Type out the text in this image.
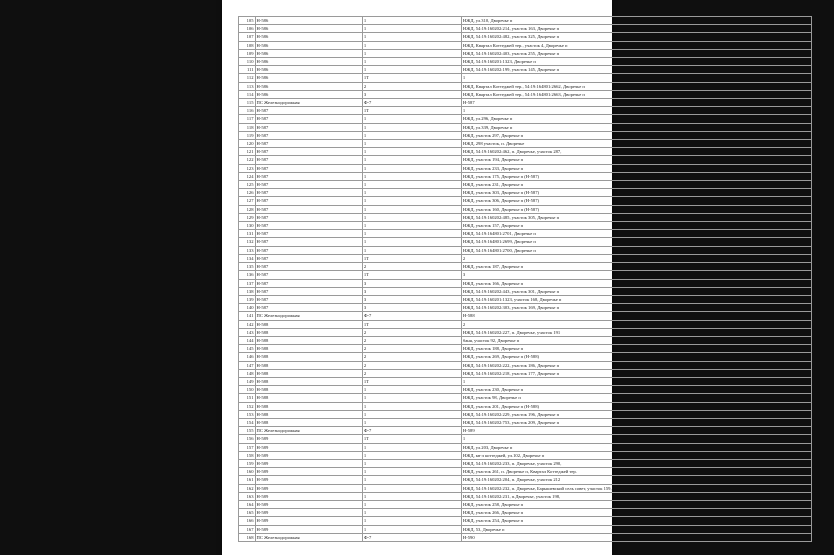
105	Н-586	1	НЖД, ул.310, Дворечье п
106	Н-586	1	НЖД, 54:19:160202:214, участок 163, Дворечье п
107	Н-586	1	НЖД, 54:19:160202:482, участок 325, Дворечье п
108	Н-586	1	НЖД, Квартал Коттеджей тер., участок 4, Дворечье п
109	Н-586	1	НЖД, 54:19:160202:403, участок 255, Дворечье п
110	Н-586	1	НЖД, 54:19:160201:1323, Дворечье п
111	Н-586	1	НЖД, 54:19:160202:199, участок 145, Дворечье п
112	Н-586	1Т	1
113	Н-586	2	НЖД, Квартал Коттеджей тер., 54:19:164801:2662, Дворечье п
114	Н-586	3	НЖД, Квартал Коттеджей тер., 54:19:164801:2663, Дворечье п
115	ПС Железнодорожная	Ф-7	Н-587
116	Н-587	1Т	1
117	Н-587	1	НЖД, ул.296, Дворечье п
118	Н-587	1	НЖД, ул.339, Дворечье п
119	Н-587	1	НЖД, участок 297, Дворечье п
120	Н-587	1	НЖД, 298 участок, п. Дворечье
121	Н-587	1	НЖД, 54:19:160202:462, п. Дворечье, участок 287,
122	Н-587	1	НЖД, участок 194, Дворечье п
123	Н-587	1	НЖД, участок 233, Дворечье п
124	Н-587	1	НЖД, участок 175, Дворечье п (Н-587)
125	Н-587	1	НЖД, участок 231, Дворечье п
126	Н-587	1	НЖД, участок 303, Дворечье п (Н-587)
127	Н-587	1	НЖД, участок 306, Дворечье п (Н-587)
128	Н-587	1	НЖД, участок 160, Дворечье п (Н-587)
129	Н-587	1	НЖД, 54:19:160202:485, участок 305, Дворечье п
130	Н-587	1	НЖД, участок 157, Дворечье п
131	Н-587	1	НЖД, 54:19:164801:2701, Дворечье п
132	Н-587	1	НЖД, 54:19:164801:2699, Дворечье п
133	Н-587	1	НЖД, 54:19:164801:2700, Дворечье п
134	Н-587	1Т	2
135	Н-587	2	НЖД, участок 187, Дворечье п
136	Н-587	1Т	3
137	Н-587	3	НЖД, участок 166, Дворечье п
138	Н-587	3	НЖД, 54:19:160202:443, участок 301, Дворечье п
139	Н-587	3	НЖД, 54:19:160201:1323, участок 168, Дворечье п
140	Н-587	3	НЖД, 54:19:160202:303, участок 169, Дворечье п
141	ПС Железнодорожная	Ф-7	Н-588
142	Н-588	1Т	2
143	Н-588	2	НЖД, 54:19:160202:227, п. Дворечье, участок 191
144	Н-588	2	баня, участок 92, Дворечье п
145	Н-588	2	НЖД, участок 188, Дворечье п
146	Н-588	2	НЖД, участок 269, Дворечье п (Н-588)
147	Н-588	2	НЖД, 54:19:160202:222, участок 186, Дворечье п
148	Н-588	2	НЖД, 54:19:160202:218, участок 177, Дворечье п
149	Н-588	1Т	1
150	Н-588	1	НЖД, участок 230, Дворечье п
151	Н-588	1	НЖД, участок 98, Дворечье п
152	Н-588	1	НЖД, участок 201, Дворечье п (Н-588)
153	Н-588	1	НЖД, 54:19:160202:229, участок 196, Дворечье п
154	Н-588	1	НЖД, 54:19:160202:753, участок 209, Дворечье п
155	ПС Железнодорожная	Ф-7	Н-589
156	Н-589	1Т	1
157	Н-589	1	НЖД, ул.203, Дворечье п
158	Н-589	1	НЖД, кв-л коттеджей, ул.102, Дворечье п
159	Н-589	1	НЖД, 54:19:160202:233, п. Дворечье, участок 290,
160	Н-589	1	НЖД, участок 261, п. Дворечье п, Квартал Коттеджей тер.
161	Н-589	1	НЖД, 54:19:160202:204, п. Дворечье, участок 212
162	Н-589	1	НЖД, 54:19:160202:232, п. Дворечье, Барышевский сель совет, участок 159,
163	Н-589	1	НЖД, 54:19:160202:231, п.Дворечье, участок 198,
164	Н-589	1	НЖД, участок 258, Дворечье п
165	Н-589	1	НЖД, участок 266, Дворечье п
166	Н-589	1	НЖД, участок 254, Дворечье п
167	Н-589	1	НЖД, 53, Дворечье п
168	ПС Железнодорожная	Ф-7	Н-590
